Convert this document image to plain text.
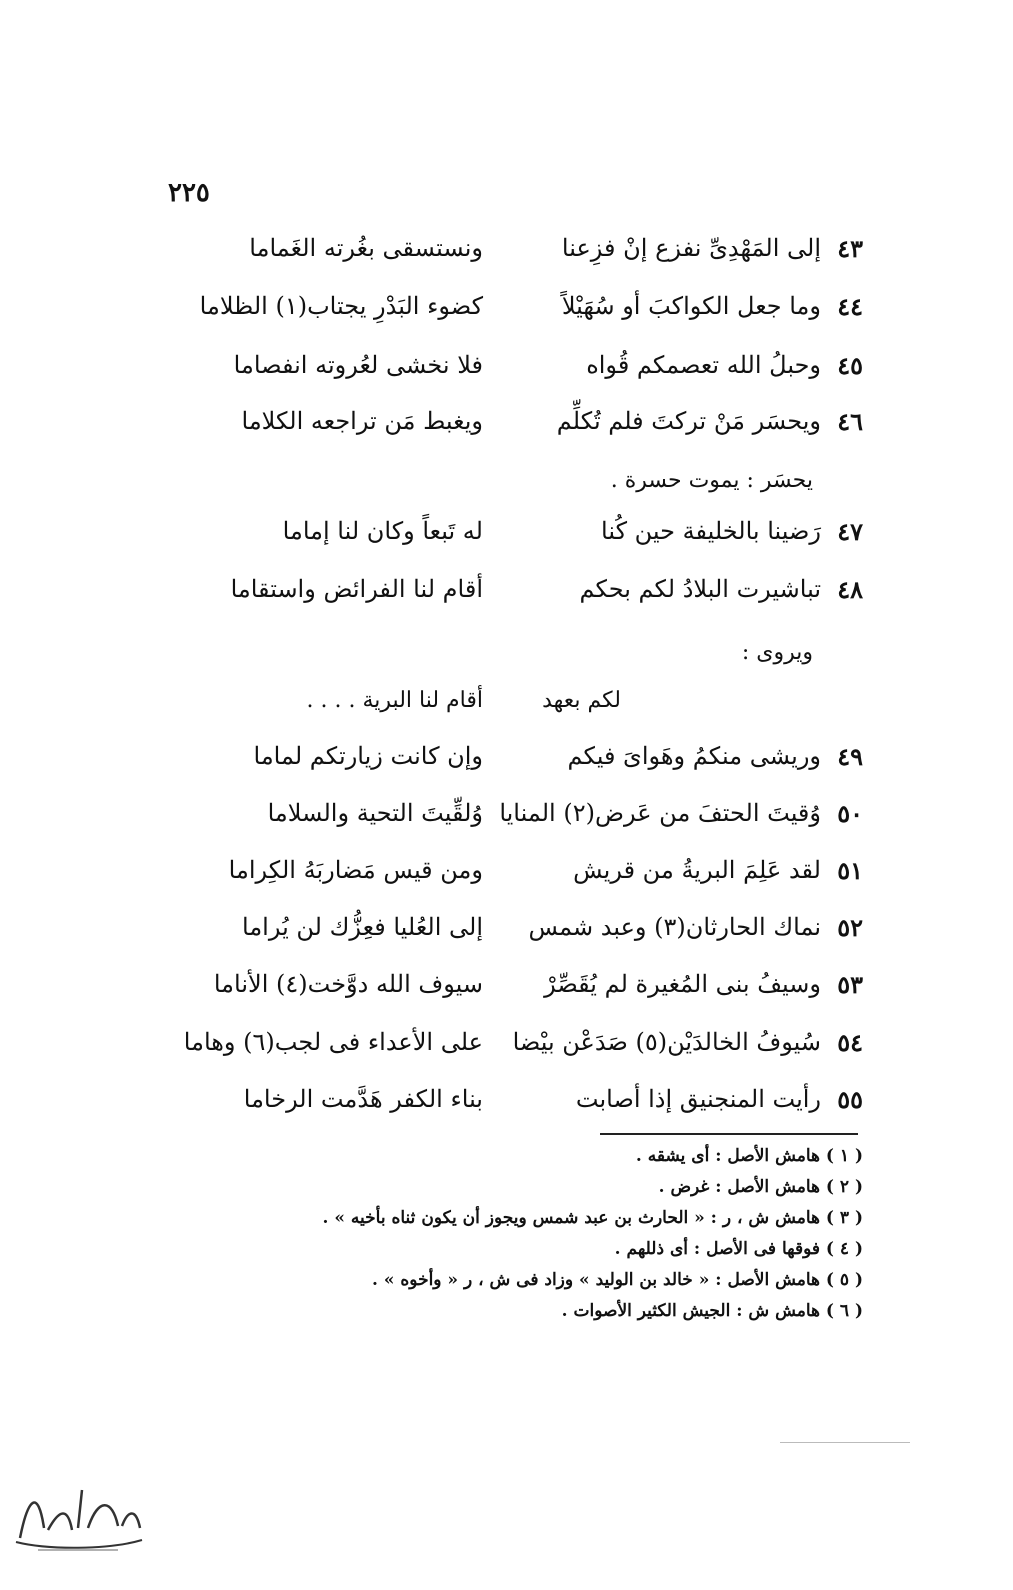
٢٢٥
٤٣
إلى المَهْدِىِّ نفزع إنْ فزِعنا
ونستسقى بغُرته الغَماما
٤٤
وما جعل الكواكبَ أو سُهَيْلاً
كضوء البَدْرِ يجتاب(١) الظلاما
٤٥
وحبلُ الله تعصمكم قُواه
فلا نخشى لعُروته انفصاما
٤٦
ويحسَر مَنْ تركتَ فلم تُكلِّم
ويغبط مَن تراجعه الكلاما
يحسَر : يموت حسرة .
٤٧
رَضينا بالخليفة حين كُنا
له تَبعاً وكان لنا إماما
٤٨
تباشيرت البلادُ لكم بحكم
أقام لنا الفرائض واستقاما
ويروى :
لكم بعهد
أقام لنا البرية . . . .
٤٩
وريشى منكمُ وهَواىَ فيكم
وإن كانت زيارتكم لماما
٥٠
وُقيتَ الحتفَ من عَرض(٢) المنايا
وُلقِّيتَ التحية والسلاما
٥١
لقد عَلِمَ البريةُ من قريش
ومن قيس مَضاربَهُ الكِراما
٥٢
نماك الحارثان(٣) وعبد شمس
إلى العُليا فعِزُّك لن يُراما
٥٣
وسيفُ بنى المُغيرة لم يُقَصِّرْ
سيوف الله دوَّخت(٤) الأناما
٥٤
سُيوفُ الخالدَيْن(٥) صَدَعْن بيْضا
على الأعداء فى لجب(٦) وهاما
٥٥
رأيت المنجنيق إذا أصابت
بناء الكفر هَدَّمت الرخاما
( ١ ) هامش الأصل : أى يشقه .
( ٢ ) هامش الأصل : غرض .
( ٣ ) هامش ش ، ر : « الحارث بن عبد شمس ويجوز أن يكون ثناه بأخيه » .
( ٤ ) فوقها فى الأصل : أى ذللهم .
( ٥ ) هامش الأصل : « خالد بن الوليد » وزاد فى ش ، ر « وأخوه » .
( ٦ ) هامش ش : الجيش الكثير الأصوات .
